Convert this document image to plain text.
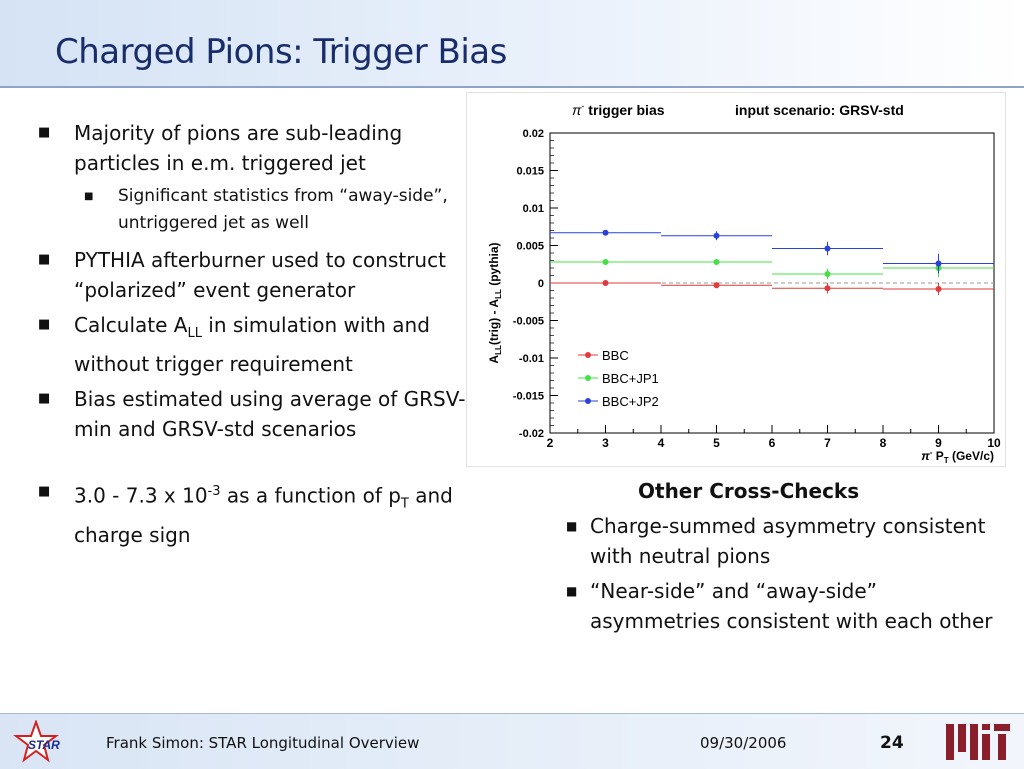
Charged Pions: Trigger Bias
■ Majority of pions are sub-leading particles in e.m. triggered jet
■ Significant statistics from “away-side”, untriggered jet as well
■ PYTHIA afterburner used to construct “polarized” event generator
■ Calculate $A_{LL}$ in simulation with and without trigger requirement
■ Bias estimated using average of GRSV-min and GRSV-std scenarios
■ 3.0 - 7.3 x $10^{-3}$ as a function of $p_T$ and charge sign
π- trigger bias	input scenario: GRSV-std
$A_{LL}(trig) - A_{LL}$ (pythia)
π- $P_T$ (GeV/c)
2	3	4	5	6	7	8	9	10
0.02
0.015
0.01
0.005
0
-0.005
-0.01
-0.015
-0.02
BBC
BBC+JP1
BBC+JP2
Other Cross-Checks
■ Charge-summed asymmetry consistent with neutral pions
■ “Near-side” and “away-side” asymmetries consistent with each other
STAR	Frank Simon: STAR Longitudinal Overview	09/30/2006	24
